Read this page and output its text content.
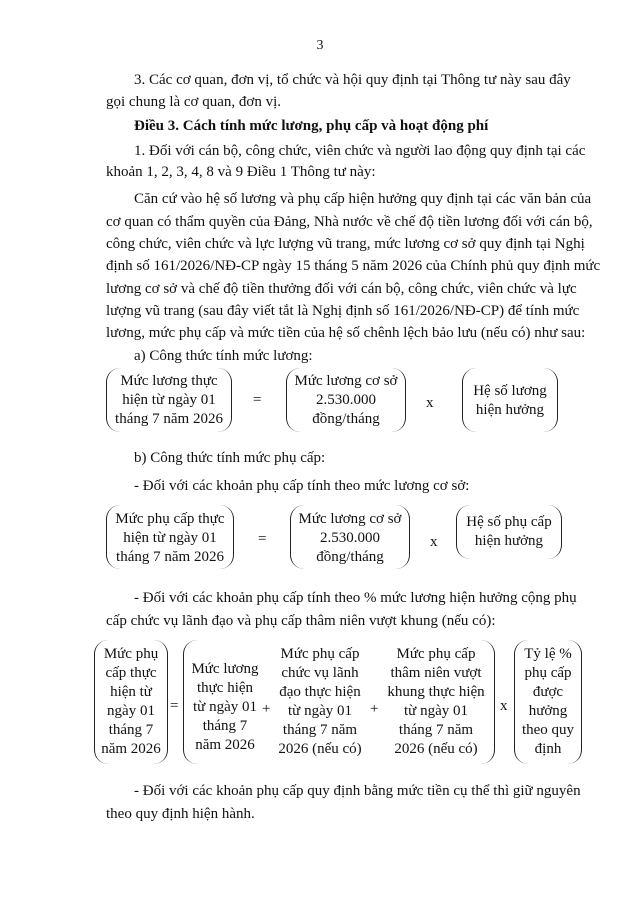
3
3. Các cơ quan, đơn vị, tổ chức và hội quy định tại Thông tư này sau đây
gọi chung là cơ quan, đơn vị.
Điều 3. Cách tính mức lương, phụ cấp và hoạt động phí
1. Đối với cán bộ, công chức, viên chức và người lao động quy định tại các
khoản 1, 2, 3, 4, 8 và 9 Điều 1 Thông tư này:
Căn cứ vào hệ số lương và phụ cấp hiện hưởng quy định tại các văn bản của
cơ quan có thẩm quyền của Đảng, Nhà nước về chế độ tiền lương đối với cán bộ,
công chức, viên chức và lực lượng vũ trang, mức lương cơ sở quy định tại Nghị
định số 161/2026/NĐ-CP ngày 15 tháng 5 năm 2026 của Chính phủ quy định mức
lương cơ sở và chế độ tiền thưởng đối với cán bộ, công chức, viên chức và lực
lượng vũ trang (sau đây viết tắt là Nghị định số 161/2026/NĐ-CP) để tính mức
lương, mức phụ cấp và mức tiền của hệ số chênh lệch bảo lưu (nếu có) như sau:
a) Công thức tính mức lương:
Mức lương thực
hiện từ ngày 01
tháng 7 năm 2026
=
Mức lương cơ sở
2.530.000
đồng/tháng
x
Hệ số lương
hiện hưởng
b) Công thức tính mức phụ cấp:
- Đối với các khoản phụ cấp tính theo mức lương cơ sở:
Mức phụ cấp thực
hiện từ ngày 01
tháng 7 năm 2026
=
Mức lương cơ sở
2.530.000
đồng/tháng
x
Hệ số phụ cấp
hiện hưởng
- Đối với các khoản phụ cấp tính theo % mức lương hiện hưởng cộng phụ
cấp chức vụ lãnh đạo và phụ cấp thâm niên vượt khung (nếu có):
Mức phụ
cấp thực
hiện từ
ngày 01
tháng 7
năm 2026
=
Mức lương
thực hiện
từ ngày 01
tháng 7
năm 2026
+
Mức phụ cấp
chức vụ lãnh
đạo thực hiện
từ ngày 01
tháng 7 năm
2026 (nếu có)
+
Mức phụ cấp
thâm niên vượt
khung thực hiện
từ ngày 01
tháng 7 năm
2026 (nếu có)
x
Tỷ lệ %
phụ cấp
được
hưởng
theo quy
định
- Đối với các khoản phụ cấp quy định bằng mức tiền cụ thể thì giữ nguyên
theo quy định hiện hành.
